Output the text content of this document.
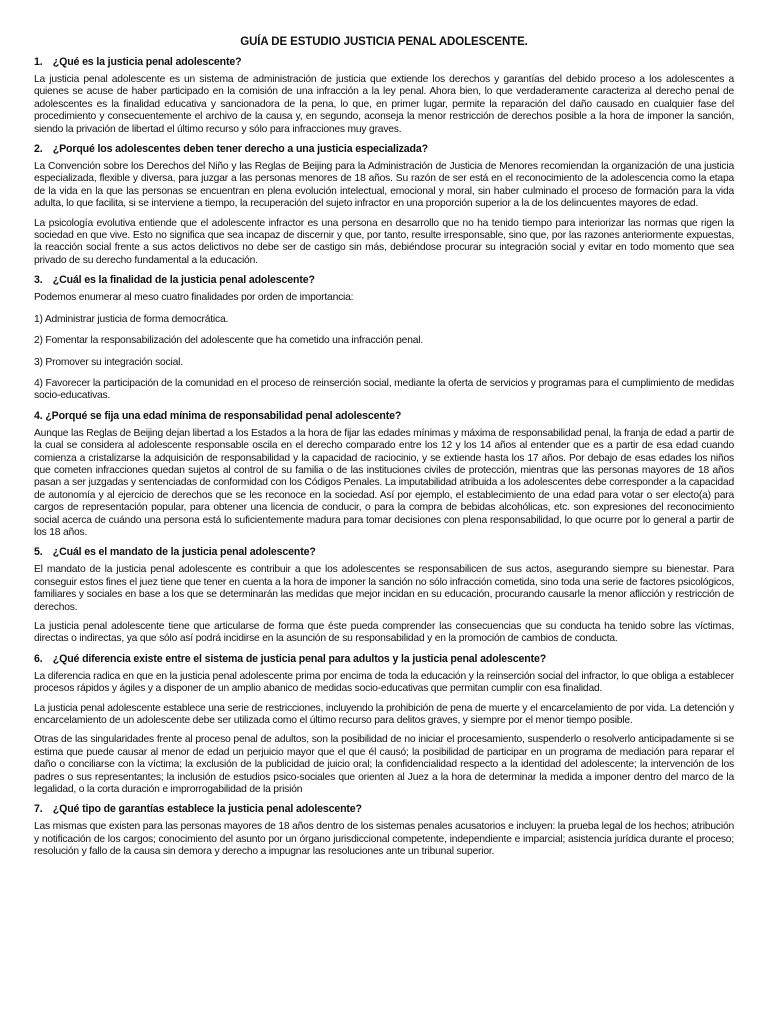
GUÍA DE ESTUDIO JUSTICIA PENAL ADOLESCENTE.
1. ¿Qué es la justicia penal adolescente?
La justicia penal adolescente es un sistema de administración de justicia que extiende los derechos y garantías del debido proceso a los adolescentes a quienes se acuse de haber participado en la comisión de una infracción a la ley penal. Ahora bien, lo que verdaderamente caracteriza al derecho penal de adolescentes es la finalidad educativa y sancionadora de la pena, lo que, en primer lugar, permite la reparación del daño causado en cualquier fase del procedimiento y consecuentemente el archivo de la causa y, en segundo, aconseja la menor restricción de derechos posible a la hora de imponer la sanción, siendo la privación de libertad el último recurso y sólo para infracciones muy graves.
2. ¿Porqué los adolescentes deben tener derecho a una justicia especializada?
La Convención sobre los Derechos del Niño y las Reglas de Beijing para la Administración de Justicia de Menores recomiendan la organización de una justicia especializada, flexible y diversa, para juzgar a las personas menores de 18 años. Su razón de ser está en el reconocimiento de la adolescencia como la etapa de la vida en la que las personas se encuentran en plena evolución intelectual, emocional y moral, sin haber culminado el proceso de formación para la vida adulta, lo que facilita, si se interviene a tiempo, la recuperación del sujeto infractor en una proporción superior a la de los delincuentes mayores de edad.
La psicología evolutiva entiende que el adolescente infractor es una persona en desarrollo que no ha tenido tiempo para interiorizar las normas que rigen la sociedad en que vive. Esto no significa que sea incapaz de discernir y que, por tanto, resulte irresponsable, sino que, por las razones anteriormente expuestas, la reacción social frente a sus actos delictivos no debe ser de castigo sin más, debiéndose procurar su integración social y evitar en todo momento que sea privado de su derecho fundamental a la educación.
3. ¿Cuál es la finalidad de la justicia penal adolescente?
Podemos enumerar al meso cuatro finalidades por orden de importancia:
1) Administrar justicia de forma democrática.
2) Fomentar la responsabilización del adolescente que ha cometido una infracción penal.
3) Promover su integración social.
4) Favorecer la participación de la comunidad en el proceso de reinserción social, mediante la oferta de servicios y programas para el cumplimiento de medidas socio-educativas.
4. ¿Porqué se fija una edad mínima de responsabilidad penal adolescente?
Aunque las Reglas de Beijing dejan libertad a los Estados a la hora de fijar las edades mínimas y máxima de responsabilidad penal, la franja de edad a partir de la cual se considera al adolescente responsable oscila en el derecho comparado entre los 12 y los 14 años al entender que es a partir de esa edad cuando comienza a cristalizarse la adquisición de responsabilidad y la capacidad de raciocinio, y se extiende hasta los 17 años. Por debajo de esas edades los niños que cometen infracciones quedan sujetos al control de su familia o de las instituciones civiles de protección, mientras que las personas mayores de 18 años pasan a ser juzgadas y sentenciadas de conformidad con los Códigos Penales. La imputabilidad atribuida a los adolescentes debe corresponder a la capacidad de autonomía y al ejercicio de derechos que se les reconoce en la sociedad. Así por ejemplo, el establecimiento de una edad para votar o ser electo(a) para cargos de representación popular, para obtener una licencia de conducir, o para la compra de bebidas alcohólicas, etc. son expresiones del reconocimiento social acerca de cuándo una persona está lo suficientemente madura para tomar decisiones con plena responsabilidad, lo que ocurre por lo general a partir de los 18 años.
5. ¿Cuál es el mandato de la justicia penal adolescente?
El mandato de la justicia penal adolescente es contribuir a que los adolescentes se responsabilicen de sus actos, asegurando siempre su bienestar. Para conseguir estos fines el juez tiene que tener en cuenta a la hora de imponer la sanción no sólo infracción cometida, sino toda una serie de factores psicológicos, familiares y sociales en base a los que se determinarán las medidas que mejor incidan en su educación, procurando causarle la menor aflicción y restricción de derechos.
La justicia penal adolescente tiene que articularse de forma que éste pueda comprender las consecuencias que su conducta ha tenido sobre las víctimas, directas o indirectas, ya que sólo así podrá incidirse en la asunción de su responsabilidad y en la promoción de cambios de conducta.
6. ¿Qué diferencia existe entre el sistema de justicia penal para adultos y la justicia penal adolescente?
La diferencia radica en que en la justicia penal adolescente prima por encima de toda la educación y la reinserción social del infractor, lo que obliga a establecer procesos rápidos y ágiles y a disponer de un amplio abanico de medidas socio-educativas que permitan cumplir con esa finalidad.
La justicia penal adolescente establece una serie de restricciones, incluyendo la prohibición de pena de muerte y el encarcelamiento de por vida. La detención y encarcelamiento de un adolescente debe ser utilizada como el último recurso para delitos graves, y siempre por el menor tiempo posible.
Otras de las singularidades frente al proceso penal de adultos, son la posibilidad de no iniciar el procesamiento, suspenderlo o resolverlo anticipadamente si se estima que puede causar al menor de edad un perjuicio mayor que el que él causó; la posibilidad de participar en un programa de mediación para reparar el daño o conciliarse con la víctima; la exclusión de la publicidad de juicio oral; la confidencialidad respecto a la identidad del adolescente; la intervención de los padres o sus representantes; la inclusión de estudios psico-sociales que orienten al Juez a la hora de determinar la medida a imponer dentro del marco de la legalidad, o la corta duración e improrrogabilidad de la prisión
7. ¿Qué tipo de garantías establece la justicia penal adolescente?
Las mismas que existen para las personas mayores de 18 años dentro de los sistemas penales acusatorios e incluyen: la prueba legal de los hechos; atribución y notificación de los cargos; conocimiento del asunto por un órgano jurisdiccional competente, independiente e imparcial; asistencia jurídica durante el proceso; resolución y fallo de la causa sin demora y derecho a impugnar las resoluciones ante un tribunal superior.
